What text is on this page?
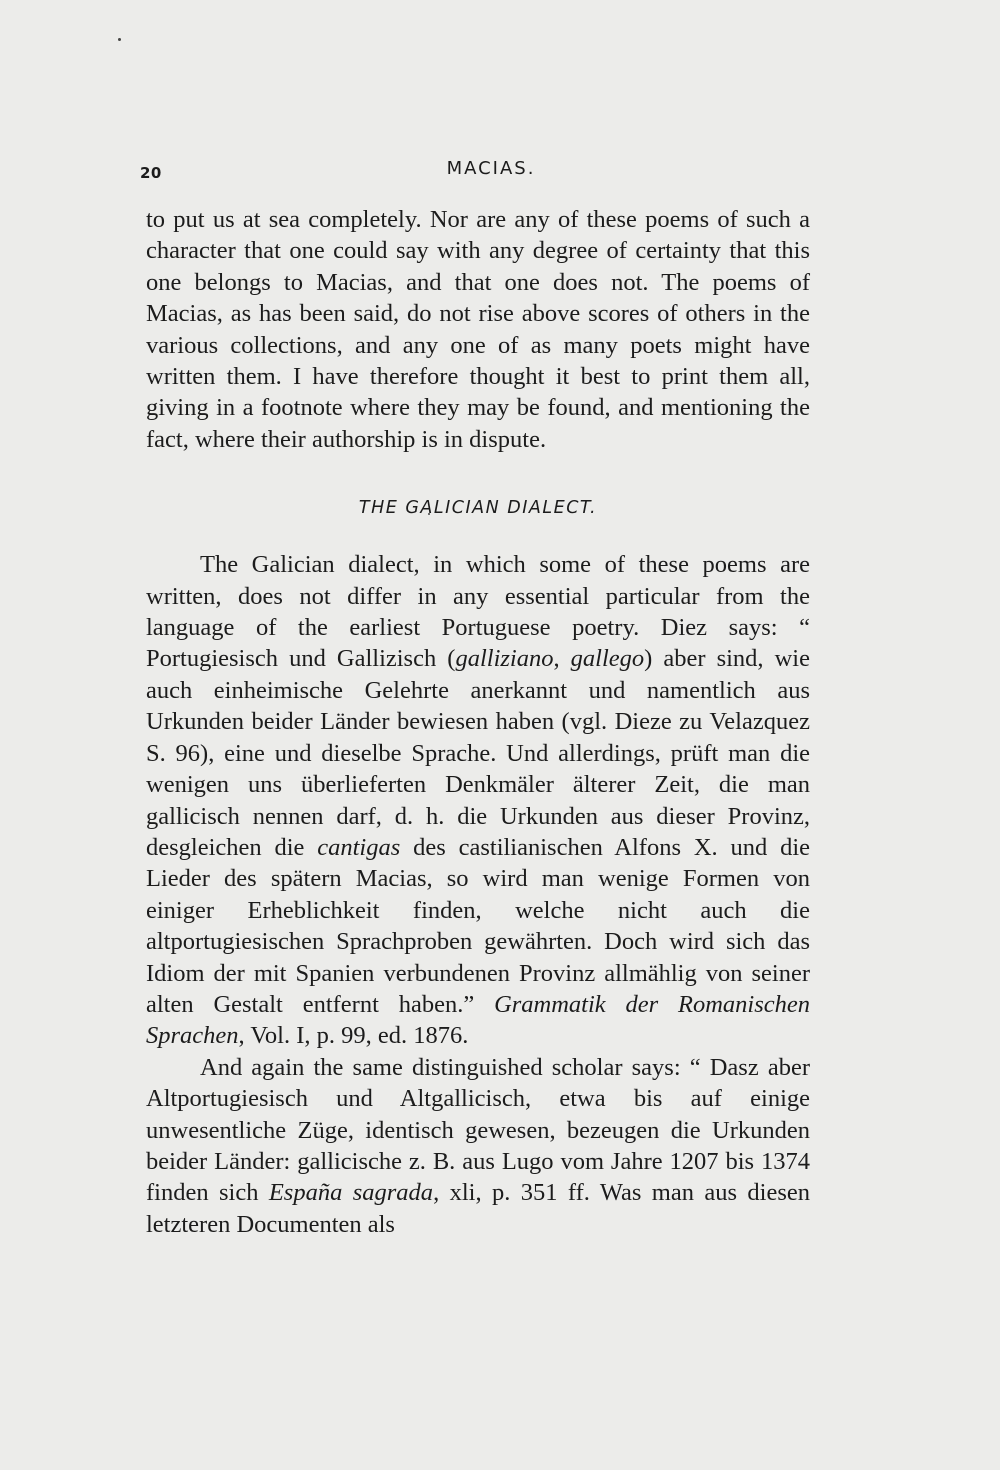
20	MACIAS.

to put us at sea completely. Nor are any of these poems of such a character that one could say with any degree of certainty that this one belongs to Macias, and that one does not. The poems of Macias, as has been said, do not rise above scores of others in the various collections, and any one of as many poets might have written them. I have therefore thought it best to print them all, giving in a footnote where they may be found, and mentioning the fact, where their authorship is in dispute.

THE GALICIAN DIALECT.

The Galician dialect, in which some of these poems are written, does not differ in any essential particular from the language of the earliest Portuguese poetry. Diez says: “ Portugiesisch und Gallizisch (galliziano, gallego) aber sind, wie auch einheimische Gelehrte anerkannt und namentlich aus Urkunden beider Länder bewiesen haben (vgl. Dieze zu Velazquez S. 96), eine und dieselbe Sprache. Und allerdings, prüft man die wenigen uns überlieferten Denkmäler älterer Zeit, die man gallicisch nennen darf, d. h. die Urkunden aus dieser Provinz, desgleichen die cantigas des castilianischen Alfons X. und die Lieder des spätern Macias, so wird man wenige Formen von einiger Erheblichkeit finden, welche nicht auch die altportugiesischen Sprachproben gewährten. Doch wird sich das Idiom der mit Spanien verbundenen Provinz allmählig von seiner alten Gestalt entfernt haben.” Grammatik der Romanischen Sprachen, Vol. I, p. 99, ed. 1876.

And again the same distinguished scholar says: “ Dasz aber Altportugiesisch und Altgallicisch, etwa bis auf einige unwesentliche Züge, identisch gewesen, bezeugen die Urkunden beider Länder: gallicische z. B. aus Lugo vom Jahre 1207 bis 1374 finden sich España sagrada, xli, p. 351 ff. Was man aus diesen letzteren Documenten als
